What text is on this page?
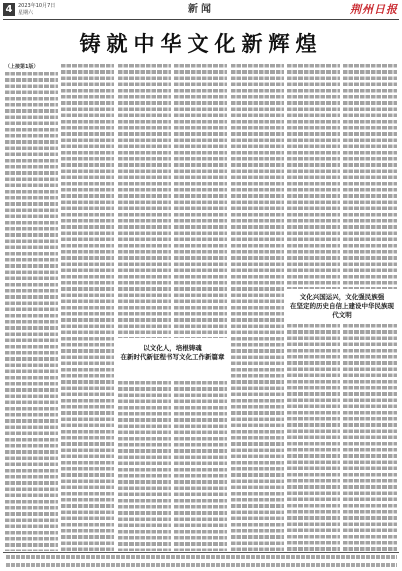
4	2023年10月7日
星期六	新闻	荆州日报
铸就中华文化新辉煌
（上接第1版）
以文化人，培根铸魂
在新时代新征程书写文化工作新篇章
文化兴国运兴，文化强民族强
在坚定的历史自信上建设中华民族现代文明
